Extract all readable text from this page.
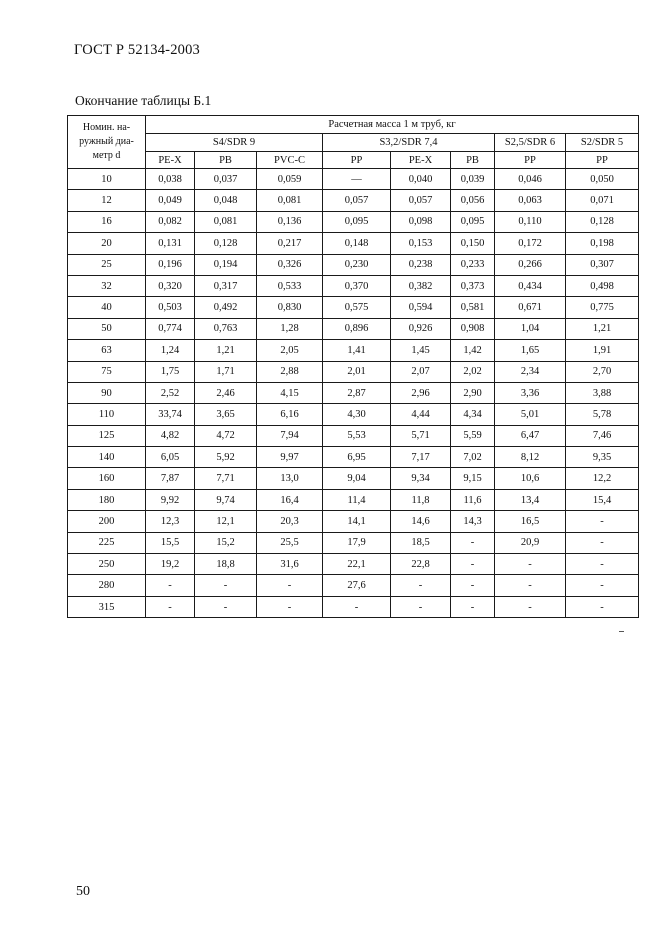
ГОСТ Р 52134-2003
Окончание таблицы Б.1
Номин. на-ружный диа-метр d	Расчетная масса 1 м труб, кг							
	S4/SDR 9			S3,2/SDR 7,4			S2,5/SDR 6	S2/SDR 5
	PE-X	PB	PVC-C	PP	PE-X	PB	PP	PP
10	0,038	0,037	0,059	—	0,040	0,039	0,046	0,050
12	0,049	0,048	0,081	0,057	0,057	0,056	0,063	0,071
16	0,082	0,081	0,136	0,095	0,098	0,095	0,110	0,128
20	0,131	0,128	0,217	0,148	0,153	0,150	0,172	0,198
25	0,196	0,194	0,326	0,230	0,238	0,233	0,266	0,307
32	0,320	0,317	0,533	0,370	0,382	0,373	0,434	0,498
40	0,503	0,492	0,830	0,575	0,594	0,581	0,671	0,775
50	0,774	0,763	1,28	0,896	0,926	0,908	1,04	1,21
63	1,24	1,21	2,05	1,41	1,45	1,42	1,65	1,91
75	1,75	1,71	2,88	2,01	2,07	2,02	2,34	2,70
90	2,52	2,46	4,15	2,87	2,96	2,90	3,36	3,88
110	33,74	3,65	6,16	4,30	4,44	4,34	5,01	5,78
125	4,82	4,72	7,94	5,53	5,71	5,59	6,47	7,46
140	6,05	5,92	9,97	6,95	7,17	7,02	8,12	9,35
160	7,87	7,71	13,0	9,04	9,34	9,15	10,6	12,2
180	9,92	9,74	16,4	11,4	11,8	11,6	13,4	15,4
200	12,3	12,1	20,3	14,1	14,6	14,3	16,5	-
225	15,5	15,2	25,5	17,9	18,5	-	20,9	-
250	19,2	18,8	31,6	22,1	22,8	-	-	-
280	-	-	-	27,6	-	-	-	-
315	-	-	-	-	-	-	-	-
50
